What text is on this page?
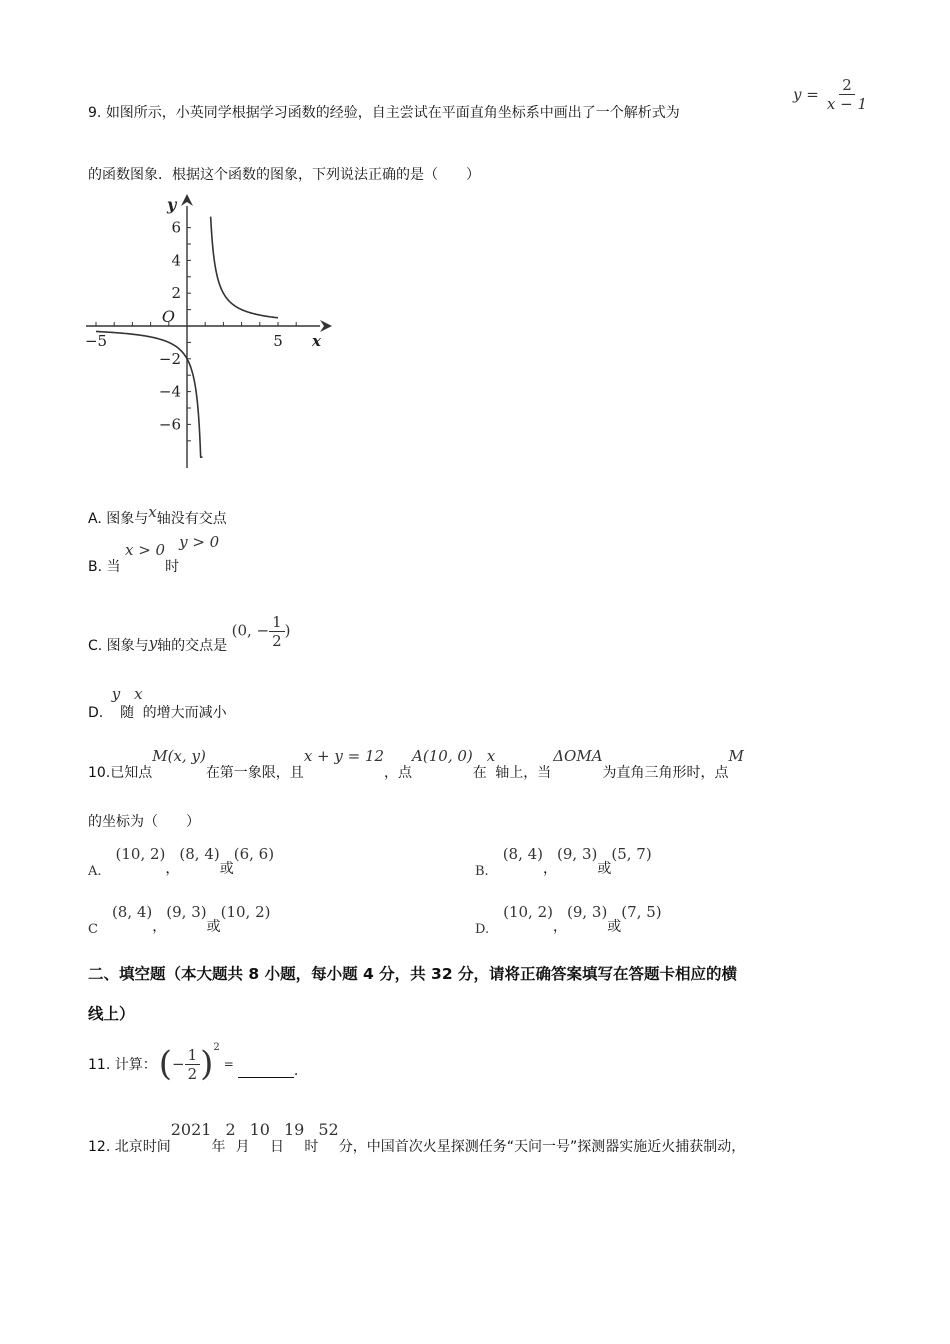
9. 如图所示，小英同学根据学习函数的经验，自主尝试在平面直角坐标系中画出了一个解析式为
$y = \frac{2}{x - 1}$
的函数图象．根据这个函数的图象，下列说法正确的是（　　）
−5	5
6
4
2
−2
−4
−6
O
x
y
A. 图象与x轴没有交点
B. 当 x > 0时y > 0
C. 图象与y轴的交点是 (0, − $\frac{1}{2}$ )
D. y随x的增大而减小
10.已知点M(x, y)在第一象限，且x + y = 12，点A(10, 0)在x轴上，当ΔOMA为直角三角形时，点M
的坐标为（　　）
A.(10, 2)，(8, 4)或(6, 6)
B.(8, 4)，(9, 3)或(5, 7)
C(8, 4)，(9, 3)或(10, 2)
D.(10, 2)，(9, 3)或(7, 5)
二、填空题（本大题共 8 小题，每小题 4 分，共 32 分，请将正确答案填写在答题卡相应的横
线上）
11. 计算： ( − $\frac{1}{2}$ ) 2
=	.
12. 北京时间2021年2月10日19时52分，中国首次火星探测任务“天问一号”探测器实施近火捕获制动，
